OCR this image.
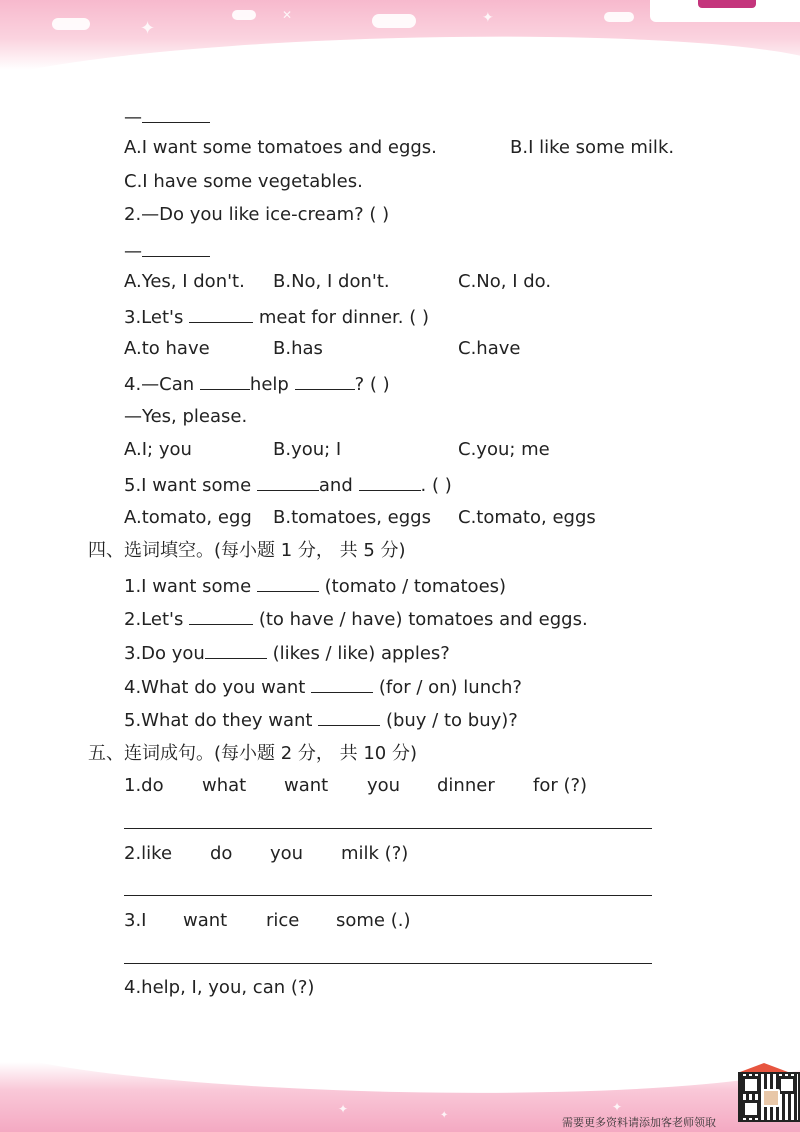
✦
✕	✦
—
A.I want some tomatoes and eggs.	B.I like some milk.
C.I have some vegetables.
2.—Do you like ice-cream? ( )
—
A.Yes, I don't. B.No, I don't.	C.No, I do.
3.Let's	meat for dinner. ( )
A.to have	B.has	C.have
4.—Can	help	? ( )
—Yes, please.
A.I; you	B.you; I	C.you; me
5.I want some	and	. ( )
A.tomato, egg B.tomatoes, eggs C.tomato, eggs
四、选词填空。(每小题 1 分， 共 5 分)
1.I want some	(tomato / tomatoes)
2.Let's	(to have / have) tomatoes and eggs.
3.Do you	(likes / like) apples?
4.What do you want	(for / on) lunch?
5.What do they want	(buy / to buy)?
五、连词成句。(每小题 2 分， 共 10 分)
1.do what want you dinner for (?)
2.like do you milk (?)
3.I want rice some (.)
4.help, I, you, can (?)
✦	✦
✦
需要更多资料请添加客老师领取
